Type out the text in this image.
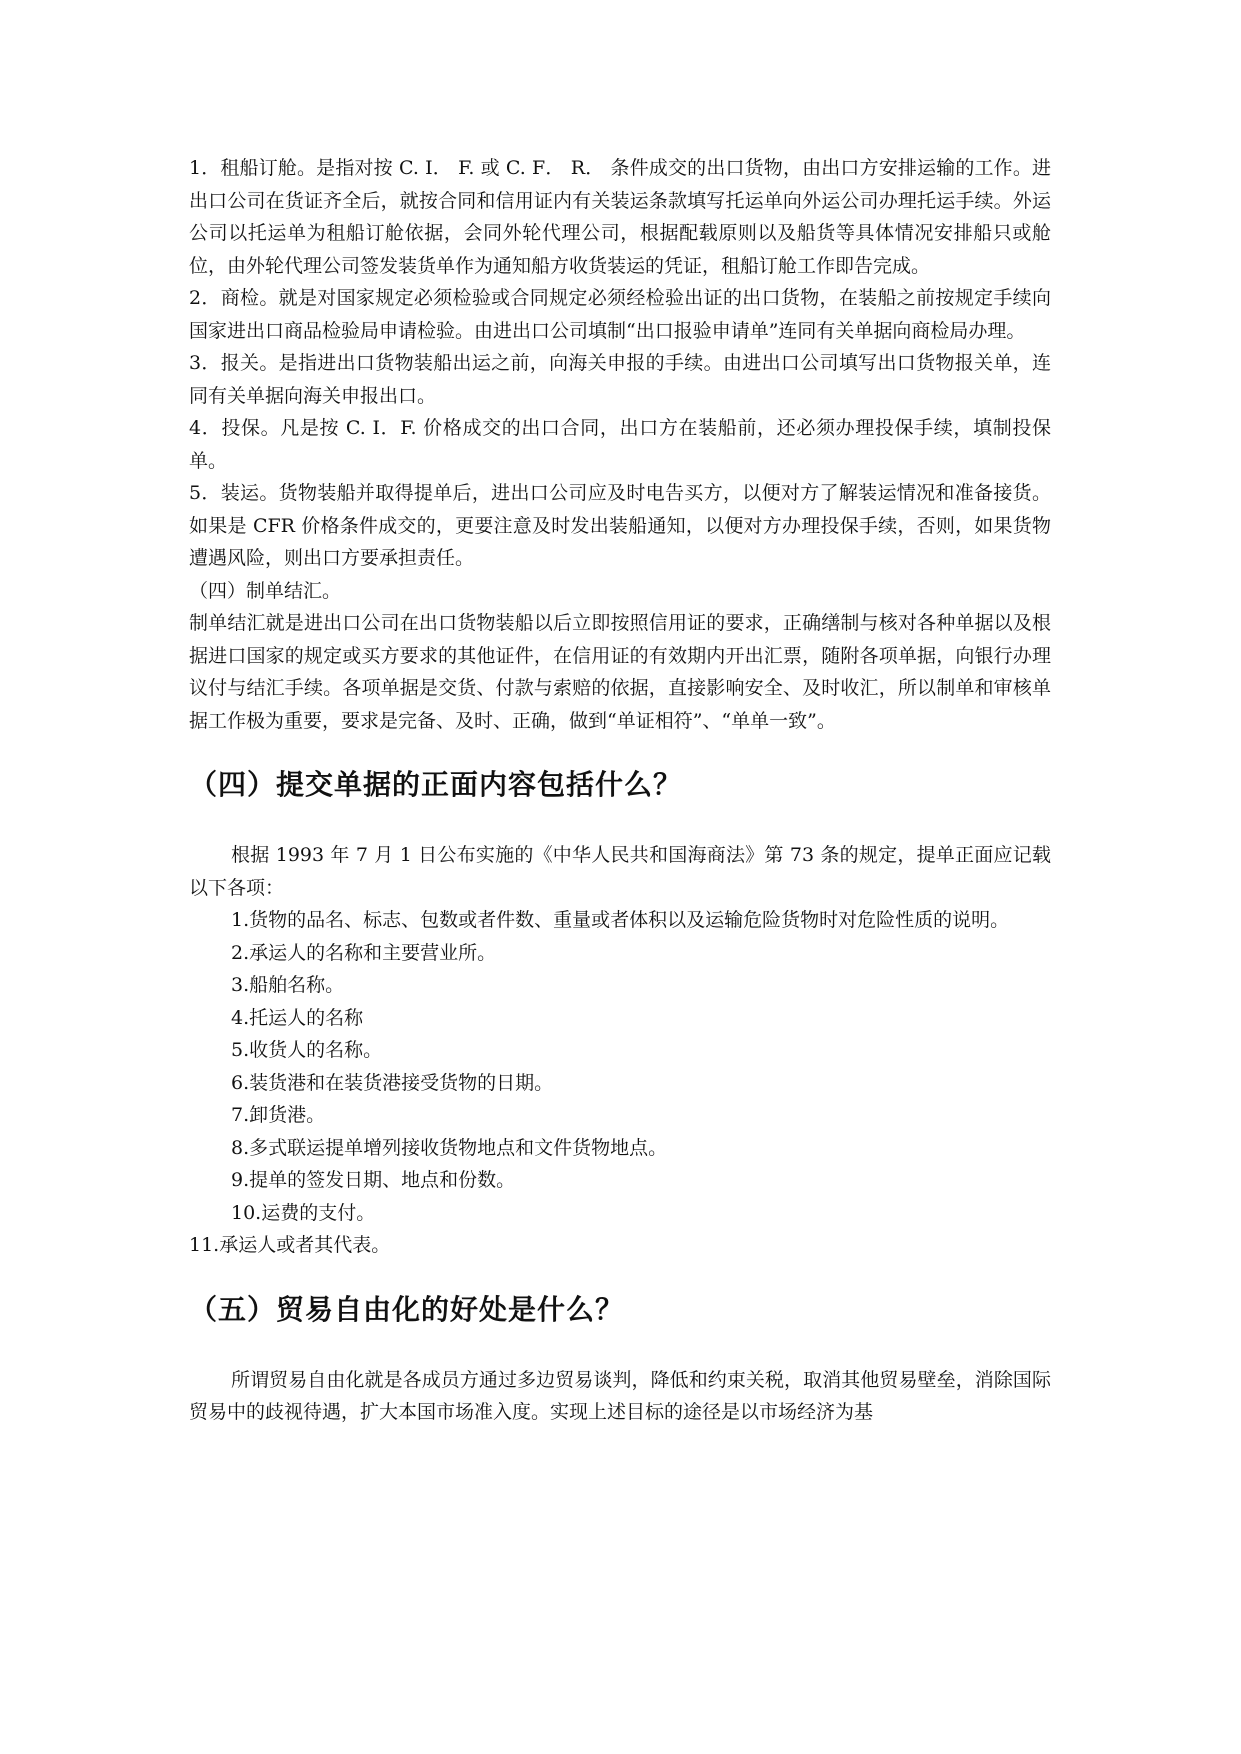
1．租船订舱。是指对按 C. I． F. 或 C. F． R． 条件成交的出口货物，由出口方安排运输的工作。进出口公司在货证齐全后，就按合同和信用证内有关装运条款填写托运单向外运公司办理托运手续。外运公司以托运单为租船订舱依据，会同外轮代理公司，根据配载原则以及船货等具体情况安排船只或舱位，由外轮代理公司签发装货单作为通知船方收货装运的凭证，租船订舱工作即告完成。

2．商检。就是对国家规定必须检验或合同规定必须经检验出证的出口货物，在装船之前按规定手续向国家进出口商品检验局申请检验。由进出口公司填制“出口报验申请单”连同有关单据向商检局办理。

3．报关。是指进出口货物装船出运之前，向海关申报的手续。由进出口公司填写出口货物报关单，连同有关单据向海关申报出口。

4．投保。凡是按 C. I．F. 价格成交的出口合同，出口方在装船前，还必须办理投保手续，填制投保单。

5．装运。货物装船并取得提单后，进出口公司应及时电告买方，以便对方了解装运情况和准备接货。如果是 CFR 价格条件成交的，更要注意及时发出装船通知，以便对方办理投保手续，否则，如果货物遭遇风险，则出口方要承担责任。

（四）制单结汇。

制单结汇就是进出口公司在出口货物装船以后立即按照信用证的要求，正确缮制与核对各种单据以及根据进口国家的规定或买方要求的其他证件，在信用证的有效期内开出汇票，随附各项单据，向银行办理议付与结汇手续。各项单据是交货、付款与索赔的依据，直接影响安全、及时收汇，所以制单和审核单据工作极为重要，要求是完备、及时、正确，做到“单证相符”、“单单一致”。

（四）提交单据的正面内容包括什么？

根据 1993 年 7 月 1 日公布实施的《中华人民共和国海商法》第 73 条的规定，提单正面应记载以下各项：

1.货物的品名、标志、包数或者件数、重量或者体积以及运输危险货物时对危险性质的说明。

2.承运人的名称和主要营业所。

3.船舶名称。

4.托运人的名称

5.收货人的名称。

6.装货港和在装货港接受货物的日期。

7.卸货港。

8.多式联运提单增列接收货物地点和文件货物地点。

9.提单的签发日期、地点和份数。

10.运费的支付。

11.承运人或者其代表。

（五）贸易自由化的好处是什么？

所谓贸易自由化就是各成员方通过多边贸易谈判，降低和约束关税，取消其他贸易壁垒，消除国际贸易中的歧视待遇，扩大本国市场准入度。实现上述目标的途径是以市场经济为基
